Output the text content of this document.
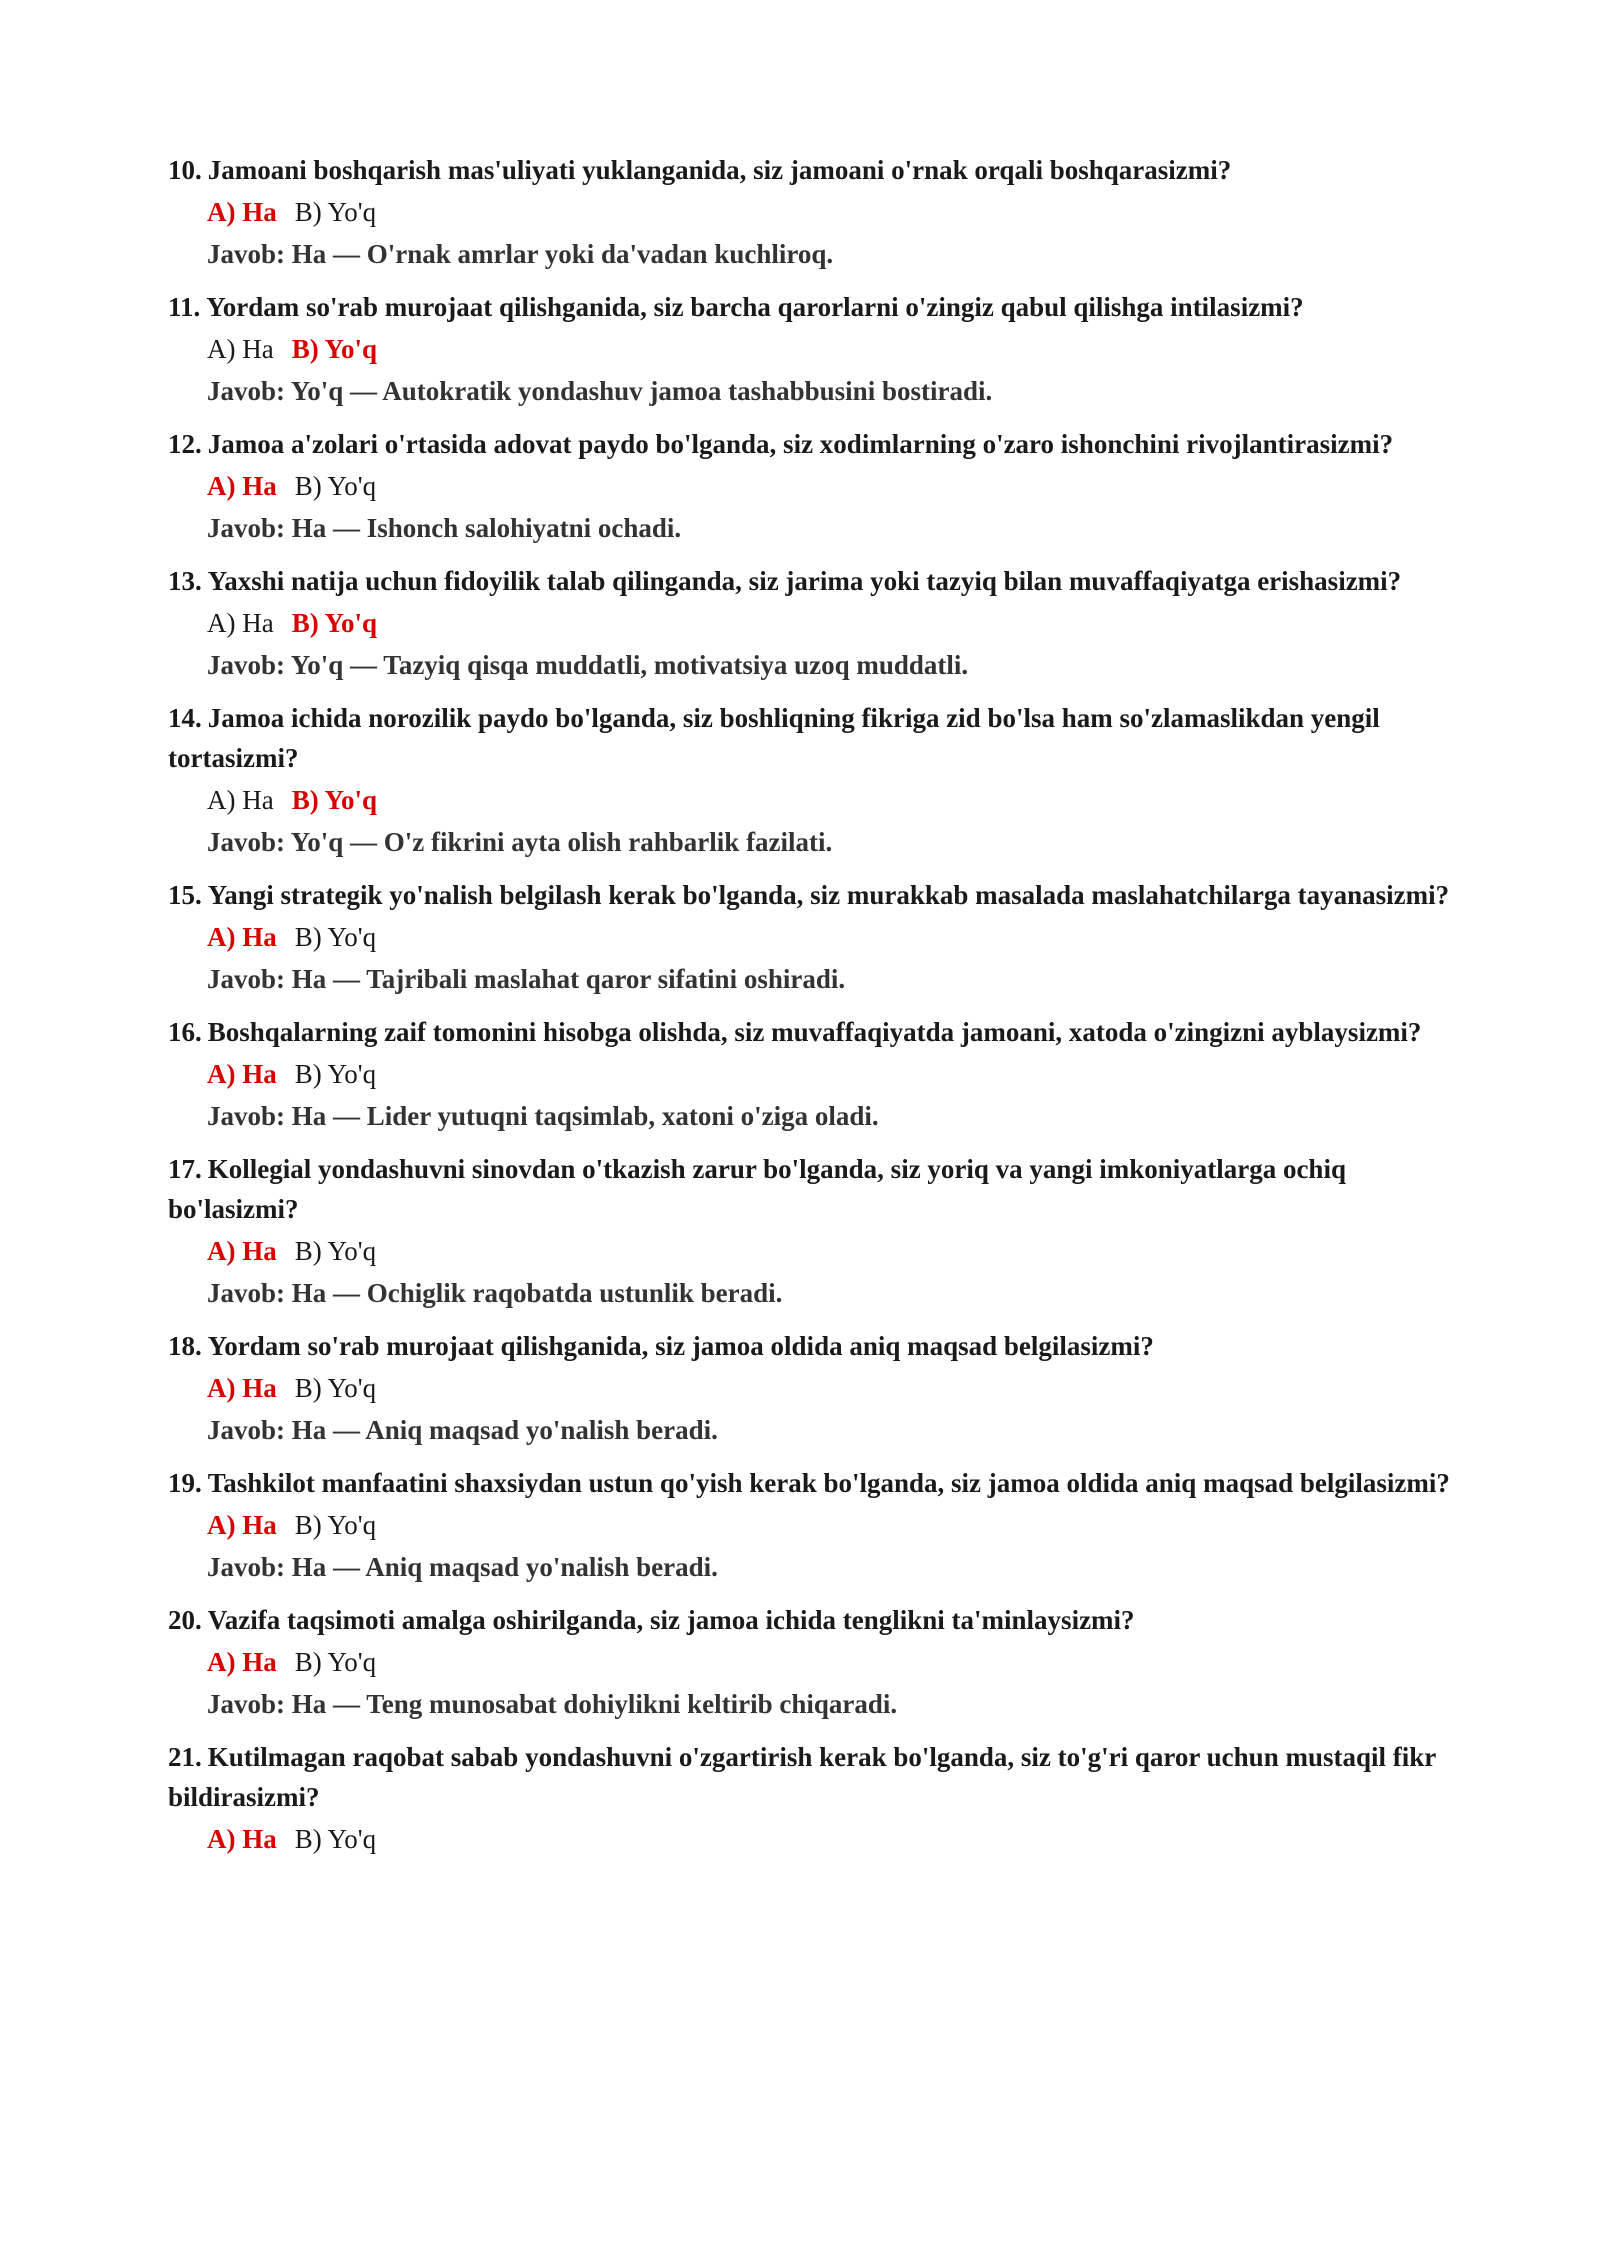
10. Jamoani boshqarish mas'uliyati yuklanganida, siz jamoani o'rnak orqali boshqarasizmi?
A) Ha B) Yo'q
Javob: Ha — O'rnak amrlar yoki da'vadan kuchliroq.
11. Yordam so'rab murojaat qilishganida, siz barcha qarorlarni o'zingiz qabul qilishga intilasizmi?
A) Ha B) Yo'q
Javob: Yo'q — Autokratik yondashuv jamoa tashabbusini bostiradi.
12. Jamoa a'zolari o'rtasida adovat paydo bo'lganda, siz xodimlarning o'zaro ishonchini rivojlantirasizmi?
A) Ha B) Yo'q
Javob: Ha — Ishonch salohiyatni ochadi.
13. Yaxshi natija uchun fidoyilik talab qilinganda, siz jarima yoki tazyiq bilan muvaffaqiyatga erishasizmi?
A) Ha B) Yo'q
Javob: Yo'q — Tazyiq qisqa muddatli, motivatsiya uzoq muddatli.
14. Jamoa ichida norozilik paydo bo'lganda, siz boshliqning fikriga zid bo'lsa ham so'zlamaslikdan yengil tortasizmi?
A) Ha B) Yo'q
Javob: Yo'q — O'z fikrini ayta olish rahbarlik fazilati.
15. Yangi strategik yo'nalish belgilash kerak bo'lganda, siz murakkab masalada maslahatchilarga tayanasizmi?
A) Ha B) Yo'q
Javob: Ha — Tajribali maslahat qaror sifatini oshiradi.
16. Boshqalarning zaif tomonini hisobga olishda, siz muvaffaqiyatda jamoani, xatoda o'zingizni ayblaysizmi?
A) Ha B) Yo'q
Javob: Ha — Lider yutuqni taqsimlab, xatoni o'ziga oladi.
17. Kollegial yondashuvni sinovdan o'tkazish zarur bo'lganda, siz yoriq va yangi imkoniyatlarga ochiq bo'lasizmi?
A) Ha B) Yo'q
Javob: Ha — Ochiglik raqobatda ustunlik beradi.
18. Yordam so'rab murojaat qilishganida, siz jamoa oldida aniq maqsad belgilasizmi?
A) Ha B) Yo'q
Javob: Ha — Aniq maqsad yo'nalish beradi.
19. Tashkilot manfaatini shaxsiydan ustun qo'yish kerak bo'lganda, siz jamoa oldida aniq maqsad belgilasizmi?
A) Ha B) Yo'q
Javob: Ha — Aniq maqsad yo'nalish beradi.
20. Vazifa taqsimoti amalga oshirilganda, siz jamoa ichida tenglikni ta'minlaysizmi?
A) Ha B) Yo'q
Javob: Ha — Teng munosabat dohiylikni keltirib chiqaradi.
21. Kutilmagan raqobat sabab yondashuvni o'zgartirish kerak bo'lganda, siz to'g'ri qaror uchun mustaqil fikr bildirasizmi?
A) Ha B) Yo'q
